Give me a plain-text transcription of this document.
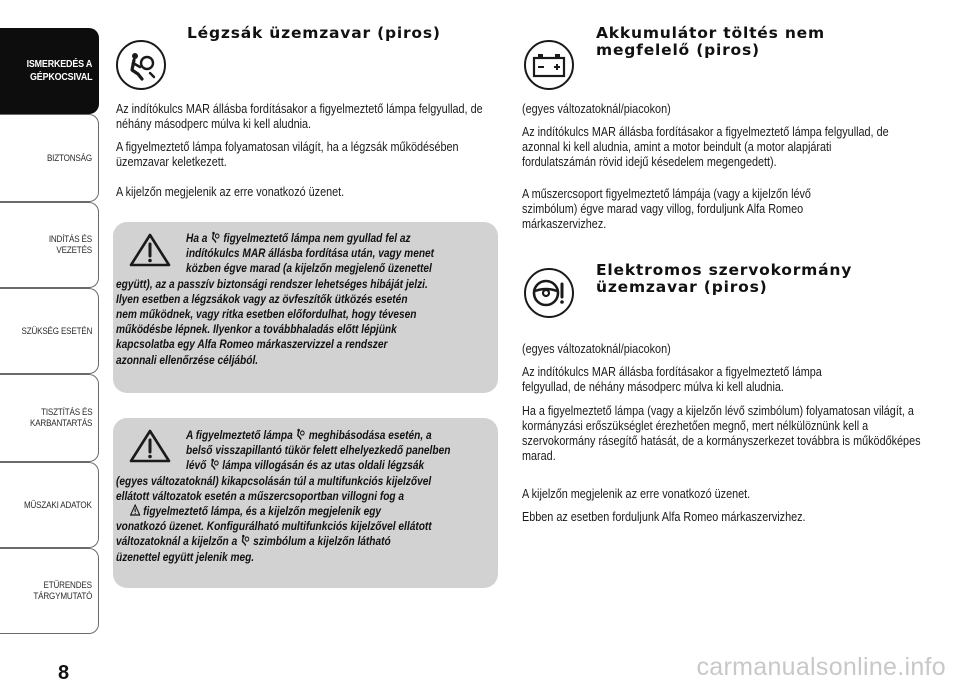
ISMERKEDÉS A
GÉPKOCSIVAL
BIZTONSÁG
INDÍTÁS ÉS VEZETÉS
SZÜKSÉG ESETÉN
TISZTÍTÁS ÉS
KARBANTARTÁS
MŰSZAKI ADATOK
ETŰRENDES
TÁRGYMUTATÓ
8
Légzsák üzemzavar (piros)

Az indítókulcs MAR állásba fordításakor a figyelmeztető lámpa felgyullad, de néhány másodperc múlva ki kell aludnia.

A figyelmeztető lámpa folyamatosan világít, ha a légzsák működésében üzemzavar keletkezett.

A kijelzőn megjelenik az erre vonatkozó üzenet.

Ha a  figyelmeztető lámpa nem gyullad fel az

indítókulcs MAR állásba fordítása után, vagy menet

közben égve marad (a kijelzőn megjelenő üzenettel

együtt), az a passzív biztonsági rendszer lehetséges hibáját jelzi.

Ilyen esetben a légzsákok vagy az övfeszítők ütközés esetén

nem működnek, vagy ritka esetben előfordulhat, hogy tévesen

működésbe lépnek. Ilyenkor a továbbhaladás előtt lépjünk

kapcsolatba egy Alfa Romeo márkaszervizzel a rendszer

azonnali ellenőrzése céljából.

A figyelmeztető lámpa  meghibásodása esetén, a

belső visszapillantó tükör felett elhelyezkedő panelben

lévő  lámpa villogásán és az utas oldali légzsák

(egyes változatoknál) kikapcsolásán túl a multifunkciós kijelzővel

ellátott változatok esetén a műszercsoportban villogni fog a

figyelmeztető lámpa, és a kijelzőn megjelenik egy

vonatkozó üzenet. Konfigurálható multifunkciós kijelzővel ellátott

változatoknál a kijelzőn a  szimbólum a kijelzőn látható

üzenettel együtt jelenik meg.

Akkumulátor töltés nem
megfelelő (piros)

(egyes változatoknál/piacokon)

Az indítókulcs MAR állásba fordításakor a figyelmeztető lámpa felgyullad, de azonnal ki kell aludnia, amint a motor beindult (a motor alapjárati fordulatszámán rövid idejű késedelem megengedett).

A műszercsoport figyelmeztető lámpája (vagy a kijelzőn lévő szimbólum) égve marad vagy villog, forduljunk Alfa Romeo márkaszervizhez.

Elektromos szervokormány
üzemzavar (piros)

(egyes változatoknál/piacokon)

Az indítókulcs MAR állásba fordításakor a figyelmeztető lámpa felgyullad, de néhány másodperc múlva ki kell aludnia.

Ha a figyelmeztető lámpa (vagy a kijelzőn lévő szimbólum) folyamatosan világít, a kormányzási erőszükséglet érezhetően megnő, mert nélkülöznünk kell a szervokormány rásegítő hatását, de a kormányszerkezet továbbra is működőképes marad.

A kijelzőn megjelenik az erre vonatkozó üzenet.

Ebben az esetben forduljunk Alfa Romeo márkaszervizhez.

carmanualsonline.info
